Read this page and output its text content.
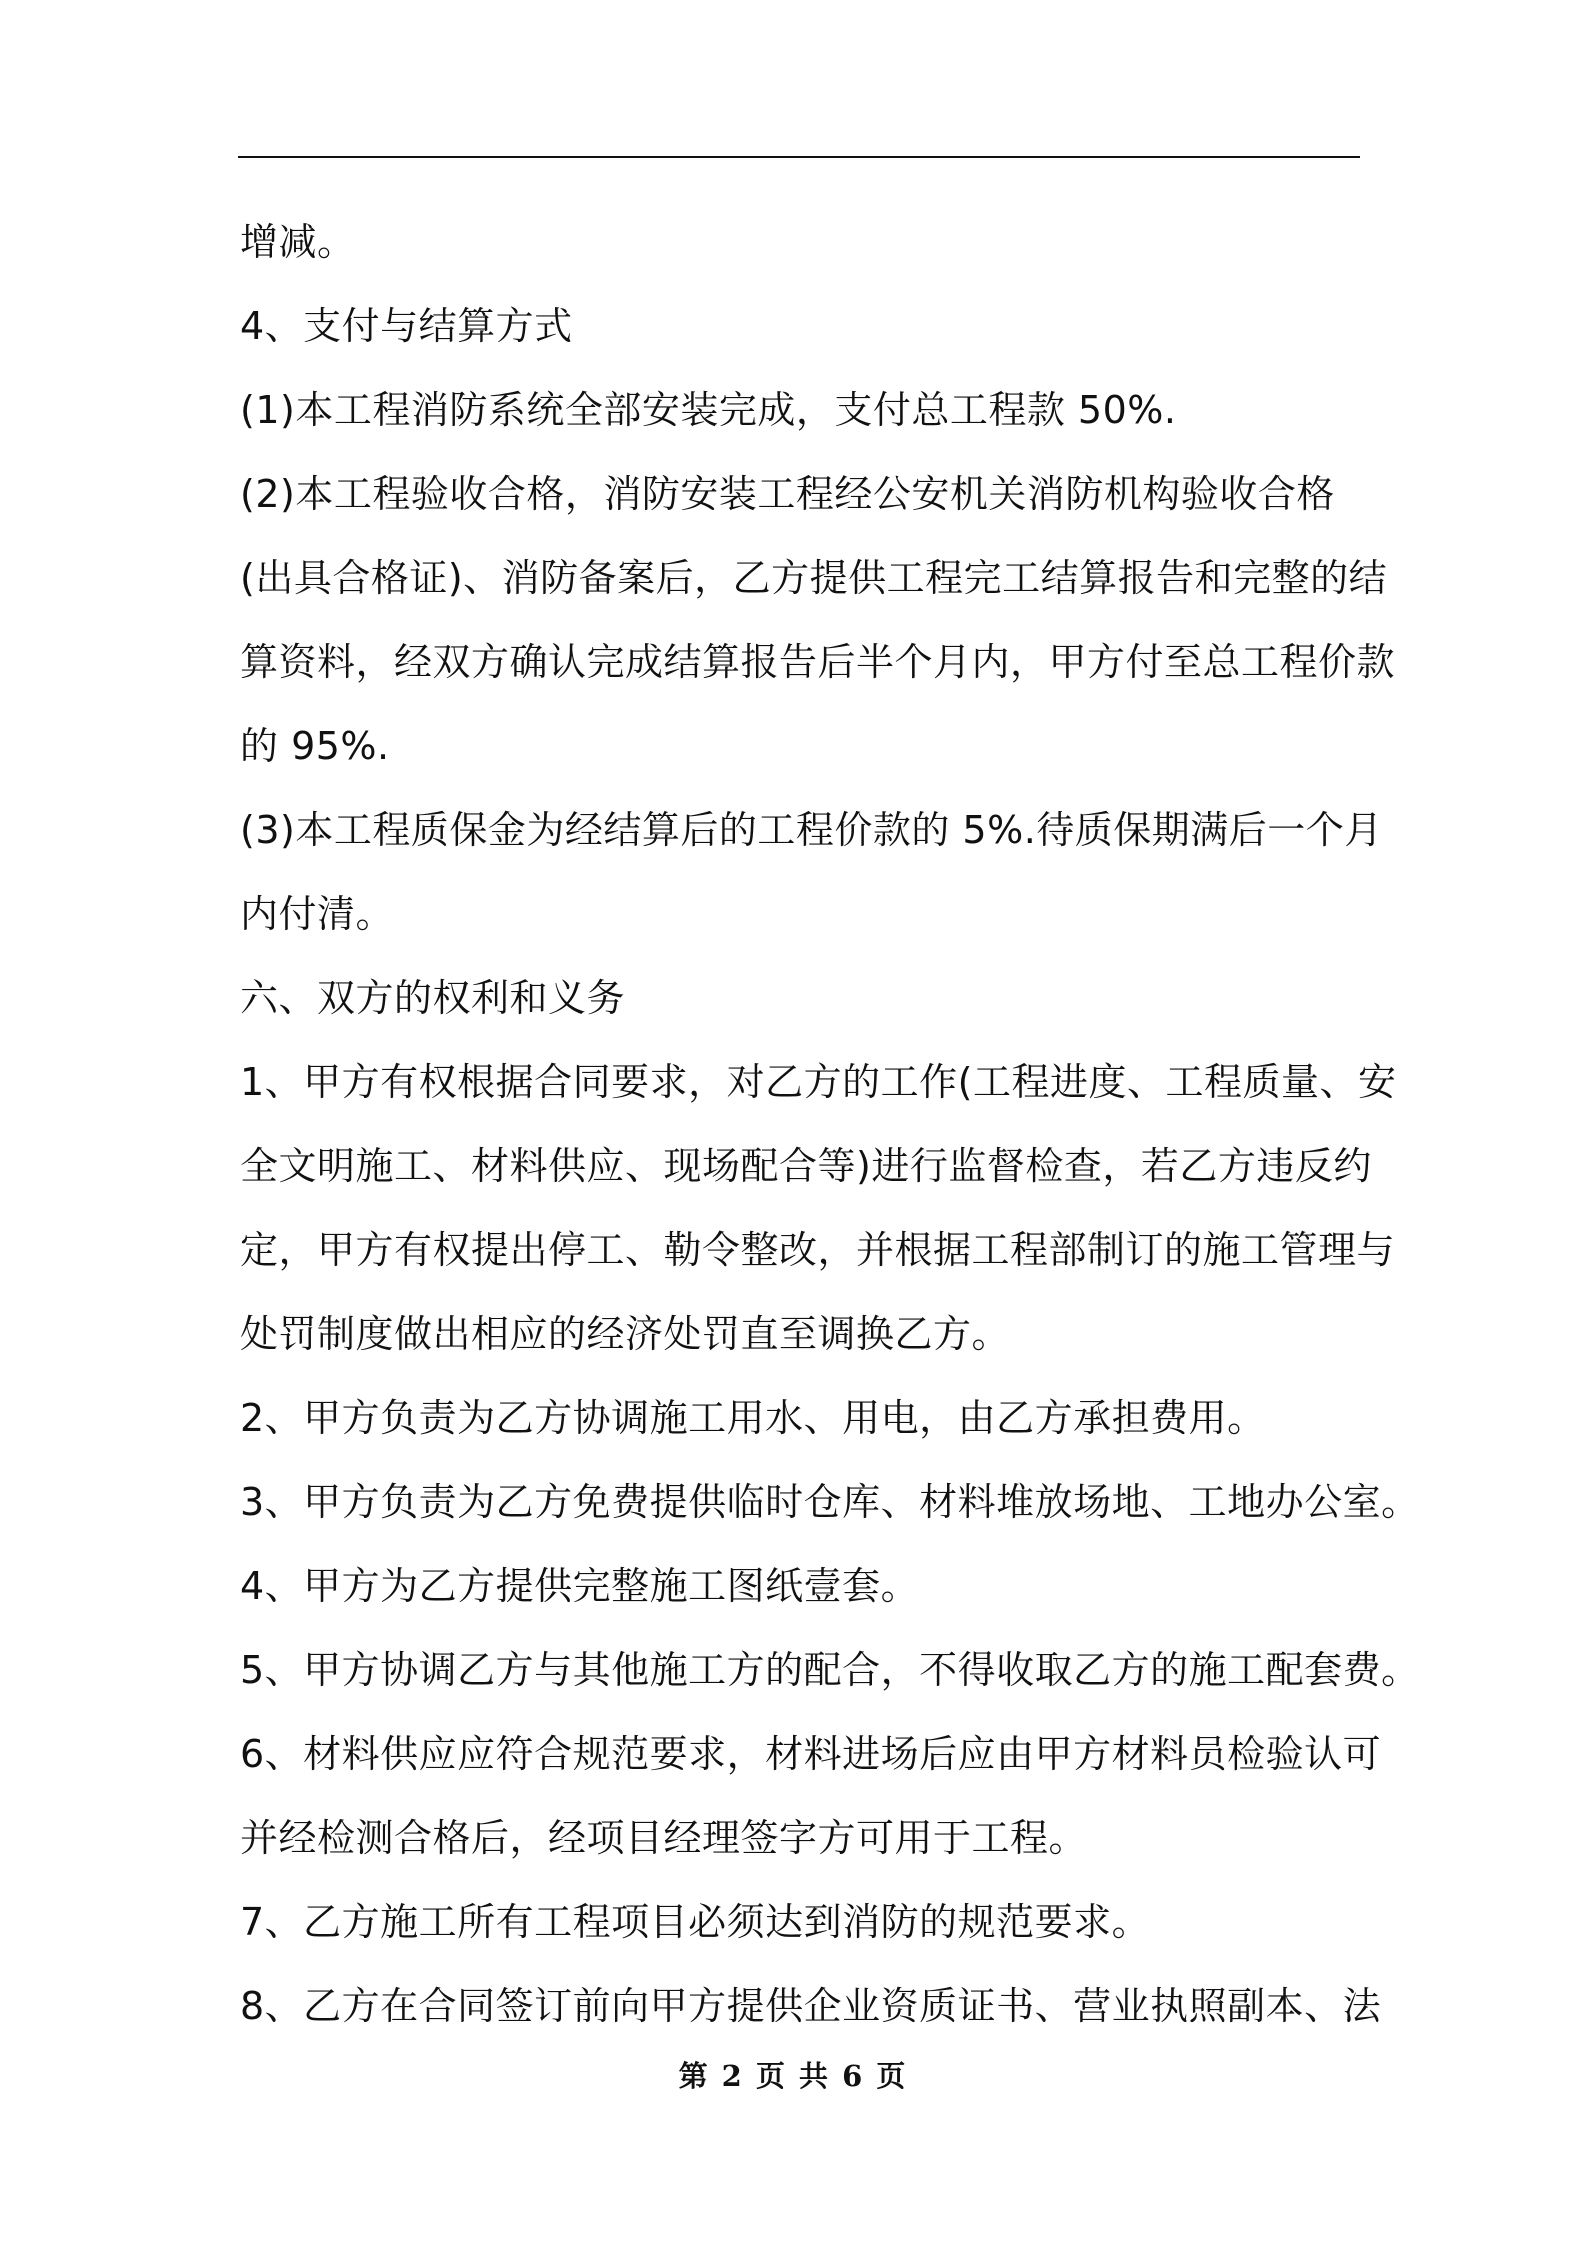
增减。

4、支付与结算方式

(1)本工程消防系统全部安装完成，支付总工程款 50%.

(2)本工程验收合格，消防安装工程经公安机关消防机构验收合格

(出具合格证)、消防备案后，乙方提供工程完工结算报告和完整的结

算资料，经双方确认完成结算报告后半个月内，甲方付至总工程价款

的 95%.

(3)本工程质保金为经结算后的工程价款的 5%.待质保期满后一个月

内付清。

六、双方的权利和义务

1、甲方有权根据合同要求，对乙方的工作(工程进度、工程质量、安

全文明施工、材料供应、现场配合等)进行监督检查，若乙方违反约

定，甲方有权提出停工、勒令整改，并根据工程部制订的施工管理与

处罚制度做出相应的经济处罚直至调换乙方。

2、甲方负责为乙方协调施工用水、用电，由乙方承担费用。

3、甲方负责为乙方免费提供临时仓库、材料堆放场地、工地办公室。

4、甲方为乙方提供完整施工图纸壹套。

5、甲方协调乙方与其他施工方的配合，不得收取乙方的施工配套费。

6、材料供应应符合规范要求，材料进场后应由甲方材料员检验认可

并经检测合格后，经项目经理签字方可用于工程。

7、乙方施工所有工程项目必须达到消防的规范要求。

8、乙方在合同签订前向甲方提供企业资质证书、营业执照副本、法

第 2 页 共 6 页
